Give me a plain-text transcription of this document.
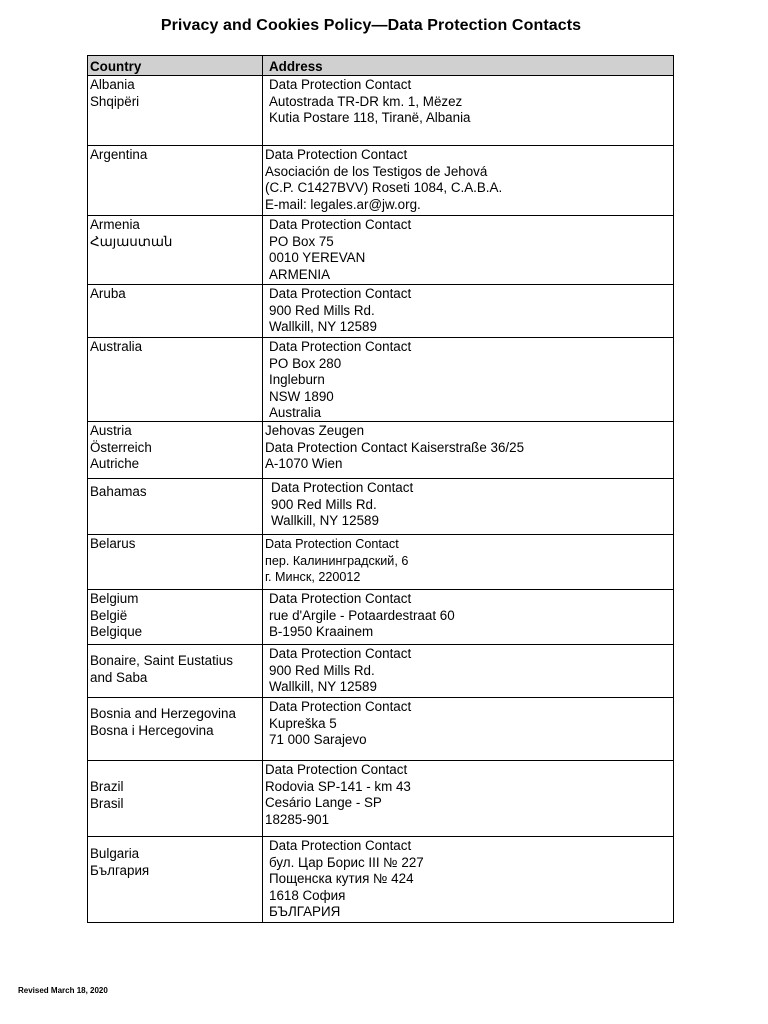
Privacy and Cookies Policy—Data Protection Contacts
Country	Address

Albania
Shqipëri	Data Protection Contact
Autostrada TR-DR km. 1, Mëzez
Kutia Postare 118, Tiranë, Albania

Argentina	Data Protection Contact
Asociación de los Testigos de Jehová
(C.P. C1427BVV) Roseti 1084, C.A.B.A.
E-mail: legales.ar@jw.org.

Armenia
Հայաստան	Data Protection Contact
PO Box 75
0010 YEREVAN
ARMENIA

Aruba	Data Protection Contact
900 Red Mills Rd.
Wallkill, NY 12589

Australia	Data Protection Contact
PO Box 280
Ingleburn
NSW 1890
Australia

Austria
Österreich
Autriche	Jehovas Zeugen
Data Protection Contact Kaiserstraße 36/25
A-1070 Wien

Bahamas	Data Protection Contact
900 Red Mills Rd.
Wallkill, NY 12589

Belarus	Data Protection Contact
пер. Калининградский, 6
г. Минск, 220012

Belgium
België
Belgique	Data Protection Contact
rue d'Argile - Potaardestraat 60
B-1950 Kraainem

Bonaire, Saint Eustatius
and Saba	Data Protection Contact
900 Red Mills Rd.
Wallkill, NY 12589

Bosnia and Herzegovina
Bosna i Hercegovina	Data Protection Contact
Kupreška 5
71 000 Sarajevo

Brazil
Brasil	Data Protection Contact
Rodovia SP-141 - km 43
Cesário Lange - SP
18285-901

Bulgaria
България	Data Protection Contact
бул. Цар Борис III № 227
Пощенска кутия № 424
1618 София
БЪЛГАРИЯ
Revised March 18, 2020
